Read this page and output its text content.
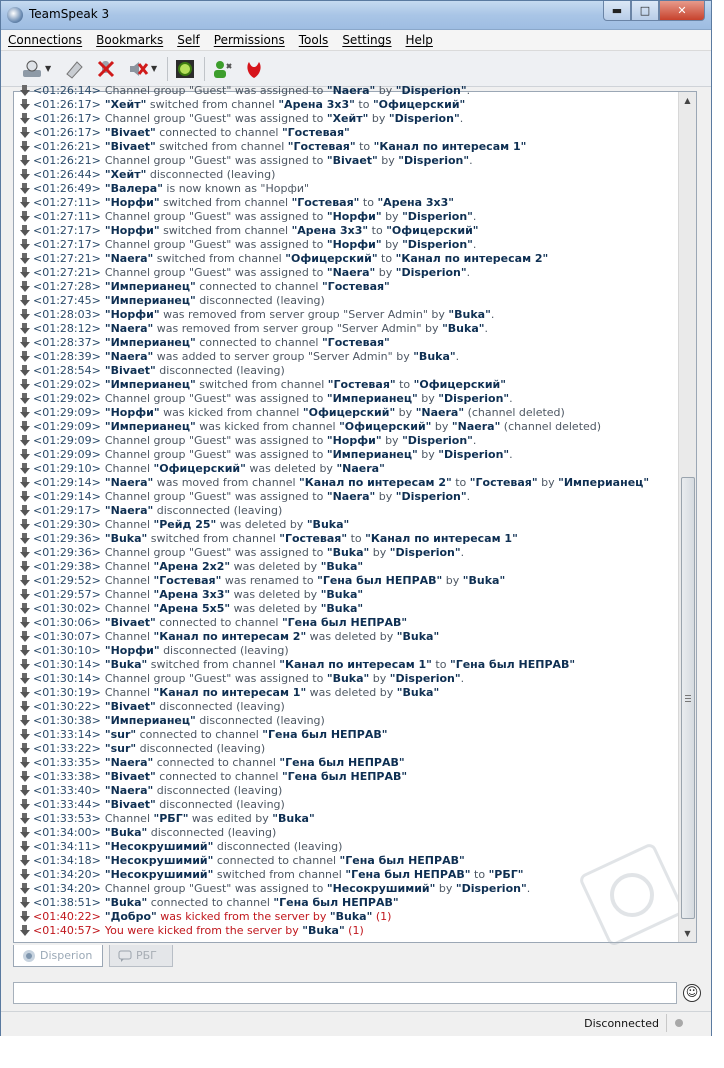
TeamSpeak 3	▬	□	✕
Connections	Bookmarks	Self	Permissions	Tools	Settings	Help
▼	▼
<01:26:14> Channel group "Guest" was assigned to "Naera" by "Disperion" .
<01:26:17> "Хейт" switched from channel "Арена 3x3" to "Офицерский"
<01:26:17> Channel group "Guest" was assigned to "Хейт" by "Disperion" .
<01:26:17> "Bivaet" connected to channel "Гостевая"
<01:26:21> "Bivaet" switched from channel "Гостевая" to "Канал по интересам 1"
<01:26:21> Channel group "Guest" was assigned to "Bivaet" by "Disperion" .
<01:26:44> "Хейт" disconnected (leaving)
<01:26:49> "Валера" is now known as "Норфи"
<01:27:11> "Норфи" switched from channel "Гостевая" to "Арена 3x3"
<01:27:11> Channel group "Guest" was assigned to "Норфи" by "Disperion" .
<01:27:17> "Норфи" switched from channel "Арена 3x3" to "Офицерский"
<01:27:17> Channel group "Guest" was assigned to "Норфи" by "Disperion" .
<01:27:21> "Naera" switched from channel "Офицерский" to "Канал по интересам 2"
<01:27:21> Channel group "Guest" was assigned to "Naera" by "Disperion" .
<01:27:28> "Империанец" connected to channel "Гостевая"
<01:27:45> "Империанец" disconnected (leaving)
<01:28:03> "Норфи" was removed from server group "Server Admin" by "Buka" .
<01:28:12> "Naera" was removed from server group "Server Admin" by "Buka" .
<01:28:37> "Империанец" connected to channel "Гостевая"
<01:28:39> "Naera" was added to server group "Server Admin" by "Buka" .
<01:28:54> "Bivaet" disconnected (leaving)
<01:29:02> "Империанец" switched from channel "Гостевая" to "Офицерский"
<01:29:02> Channel group "Guest" was assigned to "Империанец" by "Disperion" .
<01:29:09> "Норфи" was kicked from channel "Офицерский" by "Naera" (channel deleted)
<01:29:09> "Империанец" was kicked from channel "Офицерский" by "Naera" (channel deleted)
<01:29:09> Channel group "Guest" was assigned to "Норфи" by "Disperion" .
<01:29:09> Channel group "Guest" was assigned to "Империанец" by "Disperion" .
<01:29:10> Channel "Офицерский" was deleted by "Naera"
<01:29:14> "Naera" was moved from channel "Канал по интересам 2" to "Гостевая" by "Империанец"
<01:29:14> Channel group "Guest" was assigned to "Naera" by "Disperion" .
<01:29:17> "Naera" disconnected (leaving)
<01:29:30> Channel "Рейд 25" was deleted by "Buka"
<01:29:36> "Buka" switched from channel "Гостевая" to "Канал по интересам 1"
<01:29:36> Channel group "Guest" was assigned to "Buka" by "Disperion" .
<01:29:38> Channel "Арена 2x2" was deleted by "Buka"
<01:29:52> Channel "Гостевая" was renamed to "Гена был НЕПРАВ" by "Buka"
<01:29:57> Channel "Арена 3x3" was deleted by "Buka"
<01:30:02> Channel "Арена 5x5" was deleted by "Buka"
<01:30:06> "Bivaet" connected to channel "Гена был НЕПРАВ"
<01:30:07> Channel "Канал по интересам 2" was deleted by "Buka"
<01:30:10> "Норфи" disconnected (leaving)
<01:30:14> "Buka" switched from channel "Канал по интересам 1" to "Гена был НЕПРАВ"
<01:30:14> Channel group "Guest" was assigned to "Buka" by "Disperion" .
<01:30:19> Channel "Канал по интересам 1" was deleted by "Buka"
<01:30:22> "Bivaet" disconnected (leaving)
<01:30:38> "Империанец" disconnected (leaving)
<01:33:14> "sur" connected to channel "Гена был НЕПРАВ"
<01:33:22> "sur" disconnected (leaving)
<01:33:35> "Naera" connected to channel "Гена был НЕПРАВ"
<01:33:38> "Bivaet" connected to channel "Гена был НЕПРАВ"
<01:33:40> "Naera" disconnected (leaving)
<01:33:44> "Bivaet" disconnected (leaving)
<01:33:53> Channel "РБГ" was edited by "Buka"
<01:34:00> "Buka" disconnected (leaving)
<01:34:11> "Несокрушимий" disconnected (leaving)
<01:34:18> "Несокрушимий" connected to channel "Гена был НЕПРАВ"
<01:34:20> "Несокрушимий" switched from channel "Гена был НЕПРАВ" to "РБГ"
<01:34:20> Channel group "Guest" was assigned to "Несокрушимий" by "Disperion" .
<01:38:51> "Buka" connected to channel "Гена был НЕПРАВ"
<01:40:22> "Добро" was kicked from the server by "Buka" (1)
<01:40:57> You were kicked from the server by "Buka" (1)
▲
▼
Disperion	РБГ
☺
Disconnected
